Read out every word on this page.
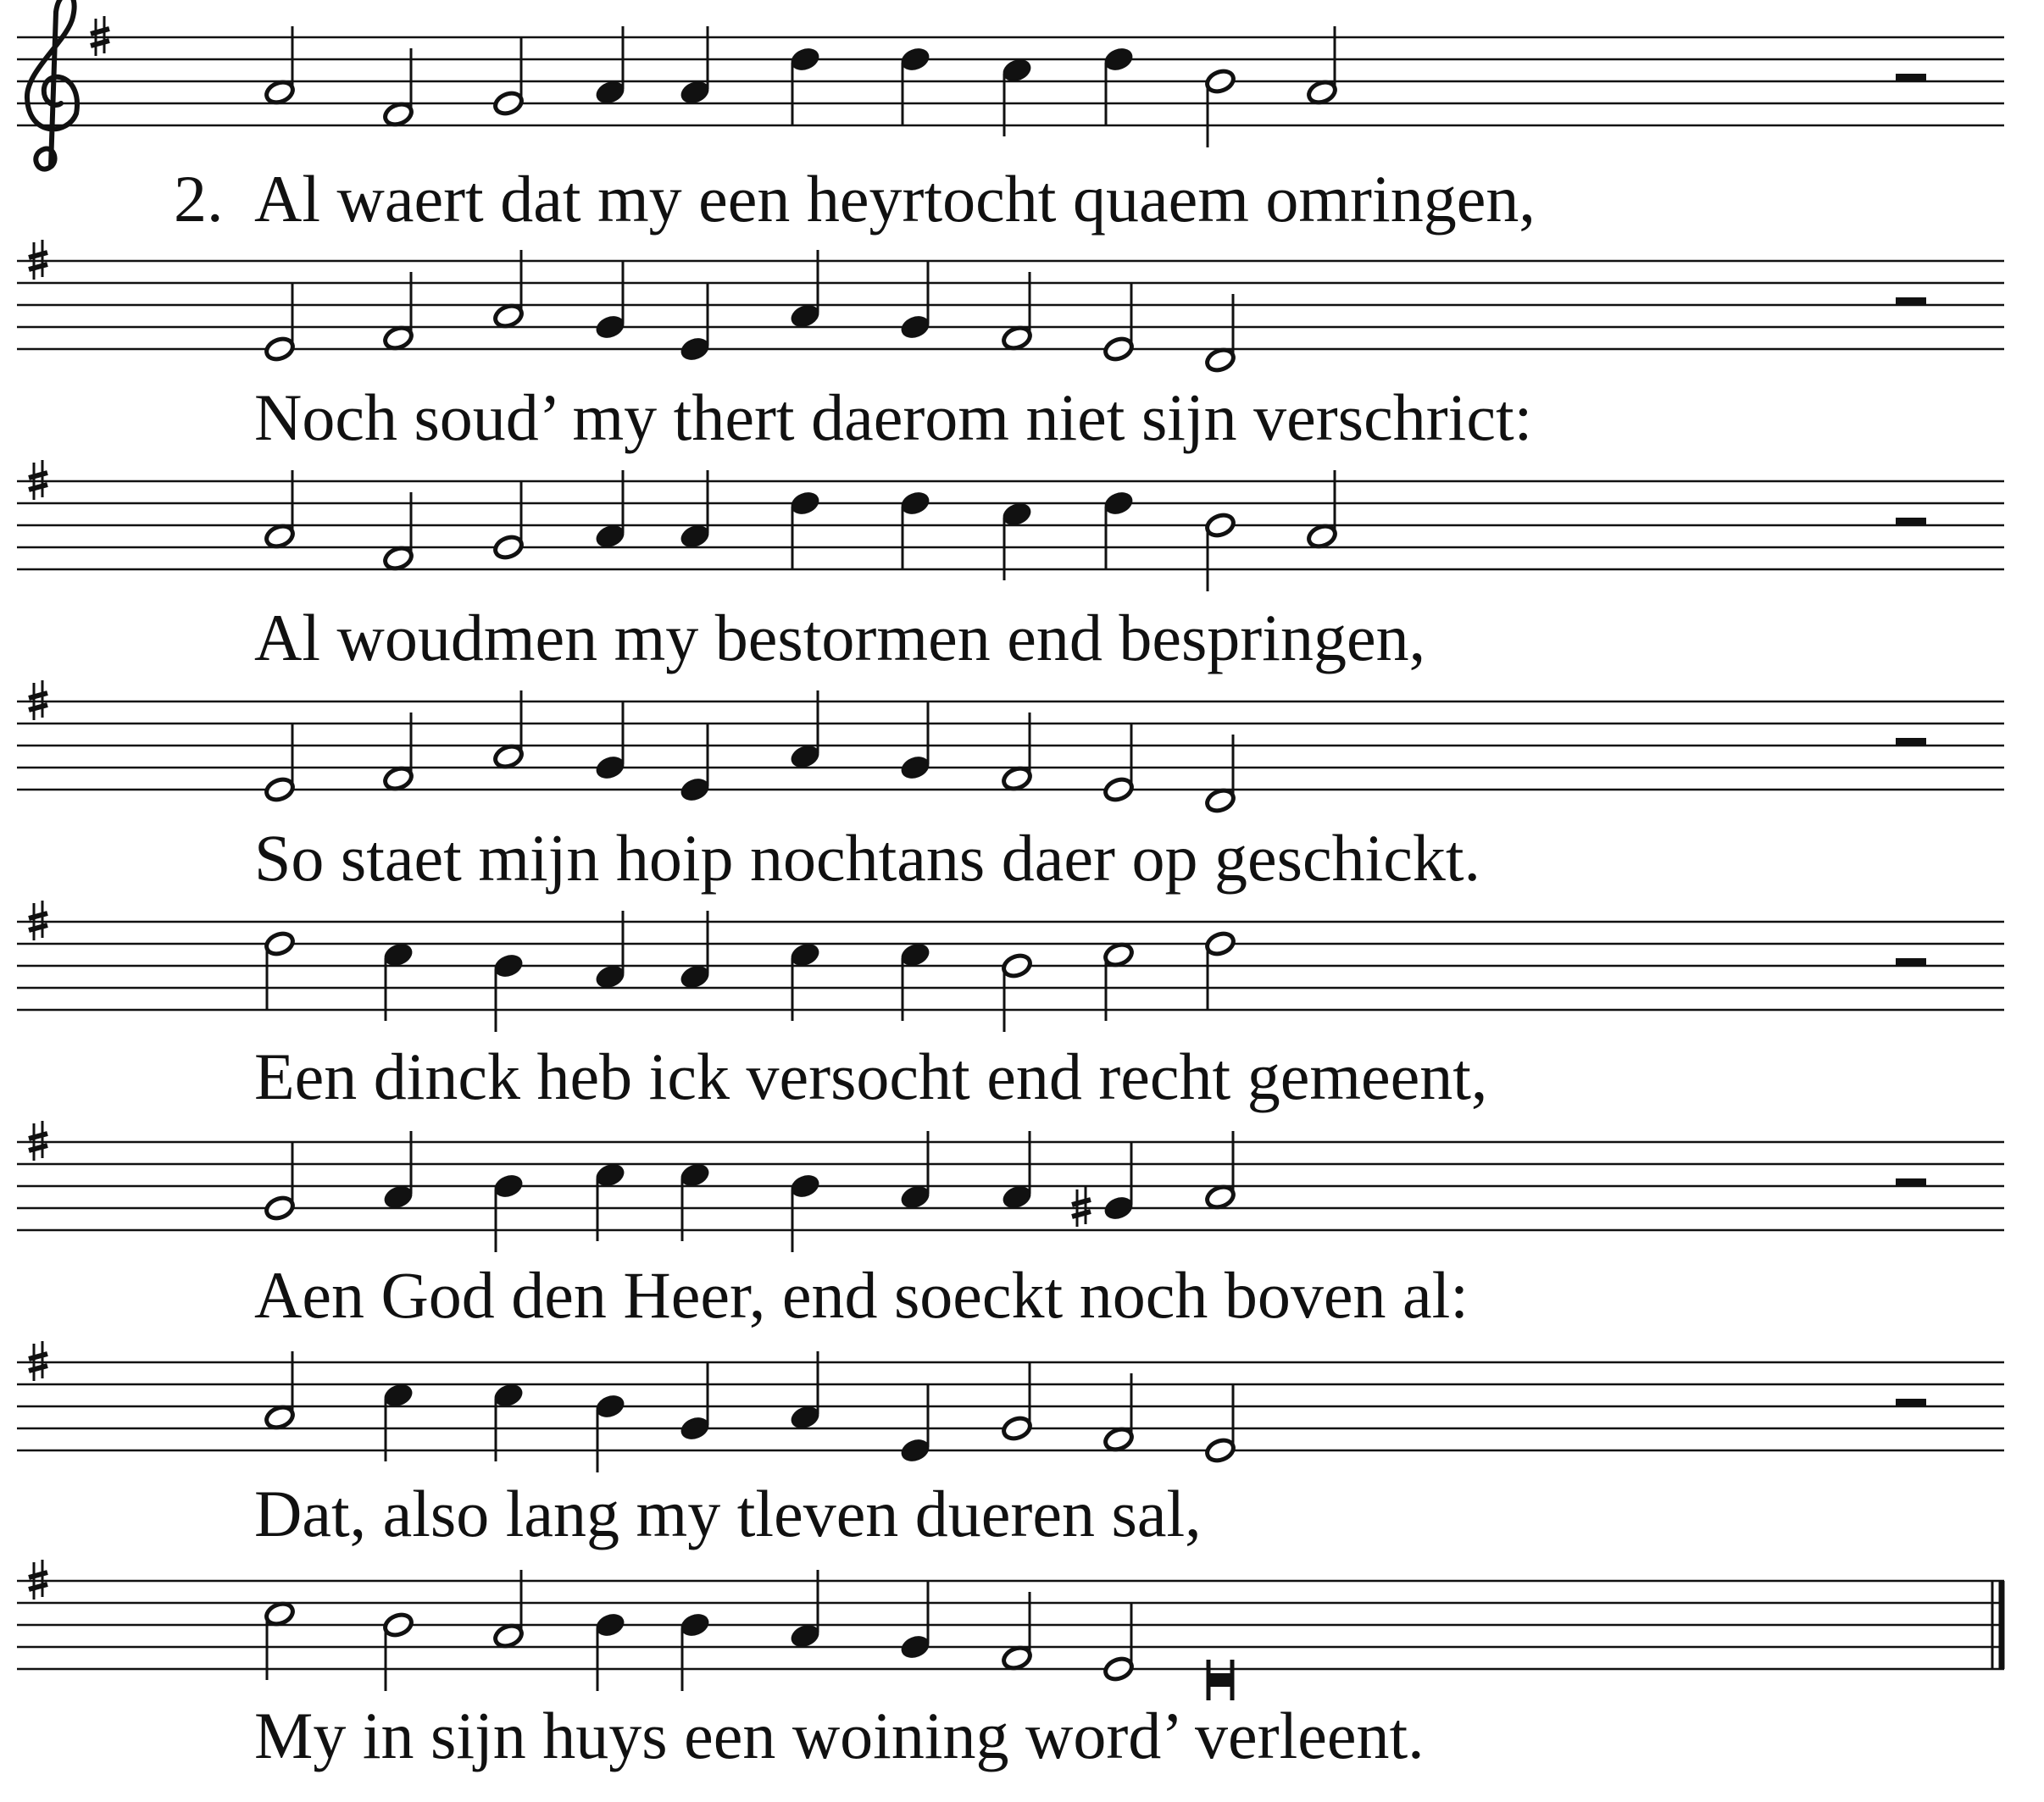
2. Al waert dat my een heyrtocht quaem omringen,
Noch soud’ my thert daerom niet sijn verschrict:
Al woudmen my bestormen end bespringen,
So staet mijn hoip nochtans daer op geschickt.
Een dinck heb ick versocht end recht gemeent,
Aen God den Heer, end soeckt noch boven al:
Dat, also lang my tleven dueren sal,
My in sijn huys een woining word’ verleent.
